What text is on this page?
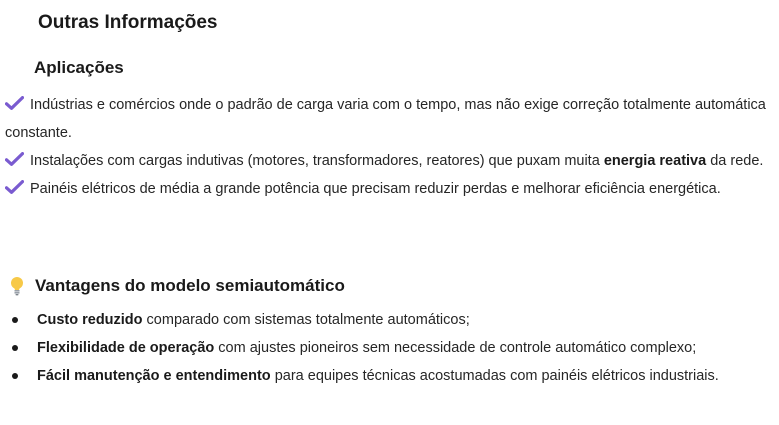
Outras Informações
Aplicações

Indústrias e comércios onde o padrão de carga varia com o tempo, mas não exige correção totalmente automática constante.

Instalações com cargas indutivas (motores, transformadores, reatores) que puxam muita energia reativa da rede.

Painéis elétricos de média a grande potência que precisam reduzir perdas e melhorar eficiência energética.

Vantagens do modelo semiautomático
Custo reduzido comparado com sistemas totalmente automáticos;
Flexibilidade de operação com ajustes pioneiros sem necessidade de controle automático complexo;
Fácil manutenção e entendimento para equipes técnicas acostumadas com painéis elétricos industriais.
